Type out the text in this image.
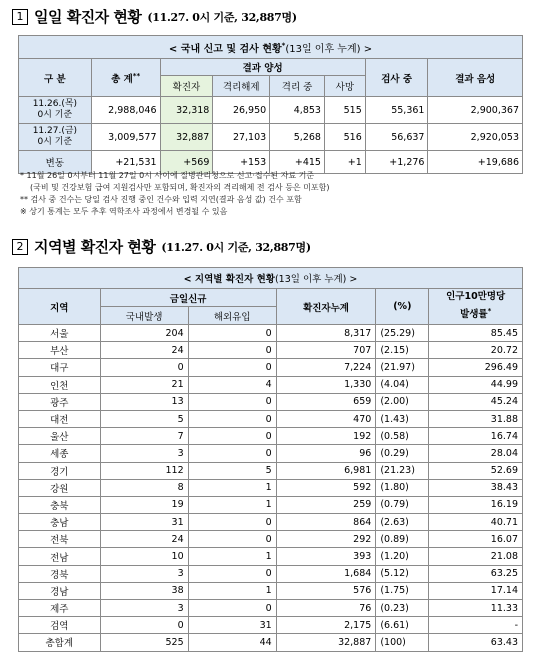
1 일일 확진자 현황 (11.27. 0시 기준, 32,887명)
< 국내 신고 및 검사 현황*(13일 이후 누계) >							
구 분	총 계**	결과 양성				검사 중	결과 음성
		확진자	격리해제	격리 중	사망		

11.26.(목)
0시 기준	2,988,046	32,318	26,950	4,853	515	55,361	2,900,367

11.27.(금)
0시 기준	3,009,577	32,887	27,103	5,268	516	56,637	2,920,053
변동	+21,531	+569	+153	+415	+1	+1,276	+19,686
* 11월 26일 0시부터 11월 27일 0시 사이에 질병관리청으로 신고·접수된 자료 기준
(국비 및 건강보험 급여 지원검사만 포함되며, 확진자의 격리해제 전 검사 등은 미포함)
** 검사 중 건수는 당일 검사 진행 중인 건수와 입력 지연(결과 음성 값) 건수 포함
※ 상기 통계는 모두 추후 역학조사 과정에서 변경될 수 있음
2 지역별 확진자 현황 (11.27. 0시 기준, 32,887명)
< 지역별 확진자 현황(13일 이후 누계) >					
지역	금일신규		확진자누계	(%)	인구10만명당
발생률*

	국내발생	해외유입			
서울	204	0	8,317	(25.29)	85.45
부산	24	0	707	(2.15)	20.72
대구	0	0	7,224	(21.97)	296.49
인천	21	4	1,330	(4.04)	44.99
광주	13	0	659	(2.00)	45.24
대전	5	0	470	(1.43)	31.88
울산	7	0	192	(0.58)	16.74
세종	3	0	96	(0.29)	28.04
경기	112	5	6,981	(21.23)	52.69
강원	8	1	592	(1.80)	38.43
충북	19	1	259	(0.79)	16.19
충남	31	0	864	(2.63)	40.71
전북	24	0	292	(0.89)	16.07
전남	10	1	393	(1.20)	21.08
경북	3	0	1,684	(5.12)	63.25
경남	38	1	576	(1.75)	17.14
제주	3	0	76	(0.23)	11.33
검역	0	31	2,175	(6.61)	-
총합계	525	44	32,887	(100)	63.43
